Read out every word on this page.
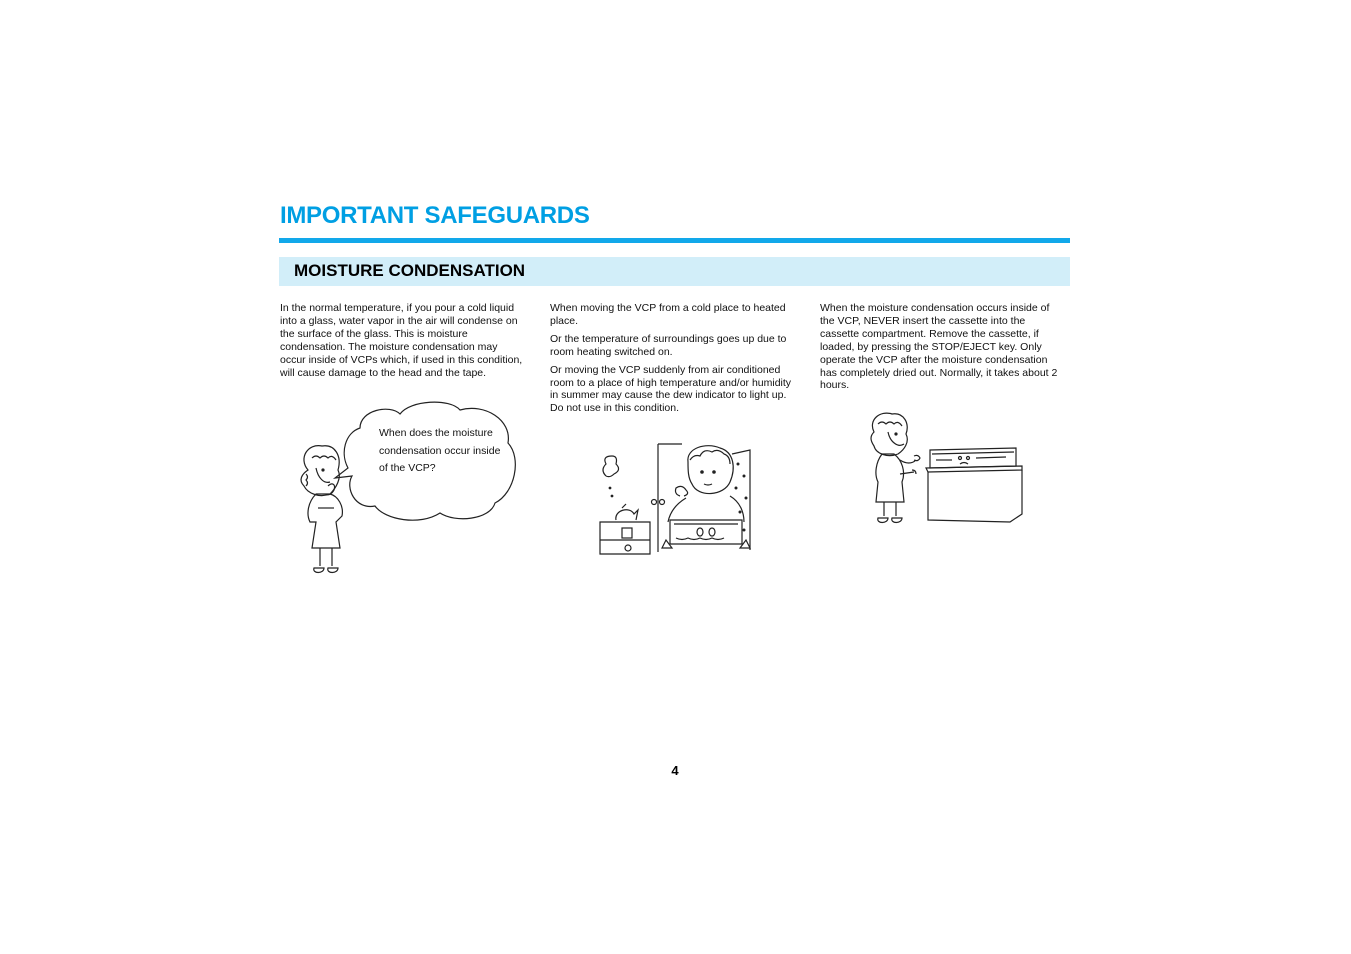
IMPORTANT SAFEGUARDS
MOISTURE CONDENSATION

In the normal temperature, if you pour a cold liquid into a glass, water vapor in the air will condense on the surface of the glass. This is moisture condensation. The moisture condensation may occur inside of VCPs which, if used in this condition, will cause damage to the head and the tape.

When moving the VCP from a cold place to heated place.

Or the temperature of surroundings goes up due to room heating switched on.

Or moving the VCP suddenly from air conditioned room to a place of high temperature and/or humidity in summer may cause the dew indicator to light up. Do not use in this condition.

When the moisture condensation occurs inside of the VCP, NEVER insert the cassette into the cassette compartment. Remove the cassette, if loaded, by pressing the STOP/EJECT key. Only operate the VCP after the moisture condensation has completely dried out. Normally, it takes about 2 hours.

When does the moisture condensation occur inside of the VCP?
4
